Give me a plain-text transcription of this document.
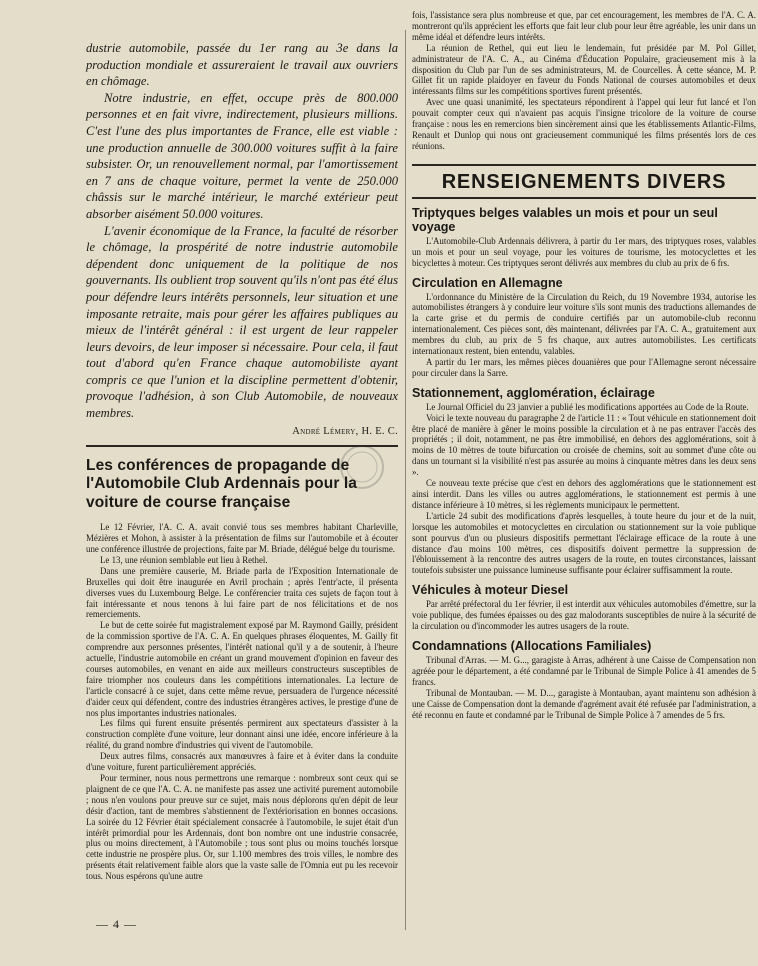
dustrie automobile, passée du 1er rang au 3e dans la production mondiale et assureraient le travail aux ouvriers en chômage.

Notre industrie, en effet, occupe près de 800.000 personnes et en fait vivre, indirectement, plusieurs millions. C'est l'une des plus importantes de France, elle est viable : une production annuelle de 300.000 voitures suffit à la faire subsister. Or, un renouvellement normal, par l'amortissement en 7 ans de chaque voiture, permet la vente de 250.000 châssis sur le marché intérieur, le marché extérieur peut absorber aisément 50.000 voitures.

L'avenir économique de la France, la faculté de résorber le chômage, la prospérité de notre industrie automobile dépendent donc uniquement de la politique de nos gouvernants. Ils oublient trop souvent qu'ils n'ont pas été élus pour défendre leurs intérêts personnels, leur situation et une imposante retraite, mais pour gérer les affaires publiques au mieux de l'intérêt général : il est urgent de leur rappeler leurs devoirs, de leur imposer si nécessaire. Pour cela, il faut tout d'abord qu'en France chaque automobiliste ayant compris ce que l'union et la discipline permettent d'obtenir, provoque l'adhésion, à son Club Automobile, de nouveaux membres.

André Lémery, H. E. C.
Les conférences de propagande de l'Automobile Club Ardennais pour la voiture de course française

Le 12 Février, l'A. C. A. avait convié tous ses membres habitant Charleville, Mézières et Mohon, à assister à la présentation de films sur l'automobile et à écouter une conférence illustrée de projections, faite par M. Briade, délégué belge du tourisme.

Le 13, une réunion semblable eut lieu à Rethel.

Dans une première causerie, M. Briade parla de l'Exposition Internationale de Bruxelles qui doit être inaugurée en Avril prochain ; après l'entr'acte, il présenta diverses vues du Luxembourg Belge. Le conférencier traita ces sujets de façon tout à fait intéressante et nous tenons à lui faire part de nos félicitations et de nos remerciements.

Le but de cette soirée fut magistralement exposé par M. Raymond Gailly, président de la commission sportive de l'A. C. A. En quelques phrases éloquentes, M. Gailly fit comprendre aux personnes présentes, l'intérêt national qu'il y a de soutenir, à l'heure actuelle, l'industrie automobile en créant un grand mouvement d'opinion en faveur des courses automobiles, en venant en aide aux meilleurs constructeurs susceptibles de faire triompher nos couleurs dans les compétitions internationales. La lecture de l'article consacré à ce sujet, dans cette même revue, persuadera de l'urgence nécessité d'aider ceux qui défendent, contre des industries étrangères actives, le prestige d'une de nos plus importantes industries nationales.

Les films qui furent ensuite présentés permirent aux spectateurs d'assister à la construction complète d'une voiture, leur donnant ainsi une idée, encore inférieure à la réalité, du grand nombre d'industries qui vivent de l'automobile.

Deux autres films, consacrés aux manœuvres à faire et à éviter dans la conduite d'une voiture, furent particulièrement appréciés.

Pour terminer, nous nous permettrons une remarque : nombreux sont ceux qui se plaignent de ce que l'A. C. A. ne manifeste pas assez une activité purement automobile ; nous n'en voulons pour preuve sur ce sujet, mais nous déplorons qu'en dépit de leur désir d'action, tant de membres s'abstiennent de l'extériorisation en bonnes occasions. La soirée du 12 Février était spécialement consacrée à l'automobile, le sujet était d'un intérêt primordial pour les Ardennais, dont bon nombre ont une industrie consacrée, plus ou moins directement, à l'Automobile ; tous sont plus ou moins touchés lorsque cette industrie ne prospère plus. Or, sur 1.100 membres des trois villes, le nombre des présents était relativement faible alors que la vaste salle de l'Omnia eut pu les recevoir tous. Nous espérons qu'une autre

fois, l'assistance sera plus nombreuse et que, par cet encouragement, les membres de l'A. C. A. montreront qu'ils apprécient les efforts que fait leur club pour leur être agréable, les unir dans un même idéal et défendre leurs intérêts.

La réunion de Rethel, qui eut lieu le lendemain, fut présidée par M. Pol Gillet, administrateur de l'A. C. A., au Cinéma d'Éducation Populaire, gracieusement mis à la disposition du Club par l'un de ses administrateurs, M. de Courcelles. À cette séance, M. P. Gillet fit un rapide plaidoyer en faveur du Fonds National de courses automobiles et deux intéressants films sur les compétitions sportives furent présentés.

Avec une quasi unanimité, les spectateurs répondirent à l'appel qui leur fut lancé et l'on pouvait compter ceux qui n'avaient pas acquis l'insigne tricolore de la voiture de course française : nous les en remercions bien sincèrement ainsi que les établissements Atlantic-Films, Renault et Dunlop qui nous ont gracieusement communiqué les films présentés lors de ces réunions.

RENSEIGNEMENTS DIVERS
Triptyques belges valables un mois et pour un seul voyage

L'Automobile-Club Ardennais délivrera, à partir du 1er mars, des triptyques roses, valables un mois et pour un seul voyage, pour les voitures de tourisme, les motocyclettes et les bicyclettes à moteur. Ces triptyques seront délivrés aux membres du club au prix de 6 frs.

Circulation en Allemagne

L'ordonnance du Ministère de la Circulation du Reich, du 19 Novembre 1934, autorise les automobilistes étrangers à y conduire leur voiture s'ils sont munis des traductions allemandes de la carte grise et du permis de conduire certifiés par un automobile-club reconnu internationalement. Ces pièces sont, dès maintenant, délivrées par l'A. C. A., gratuitement aux membres du club, au prix de 5 frs chaque, aux autres automobilistes. Les certificats internationaux restent, bien entendu, valables.

A partir du 1er mars, les mêmes pièces douanières que pour l'Allemagne seront nécessaire pour circuler dans la Sarre.

Stationnement, agglomération, éclairage

Le Journal Officiel du 23 janvier a publié les modifications apportées au Code de la Route.

Voici le texte nouveau du paragraphe 2 de l'article 11 : « Tout véhicule en stationnement doit être placé de manière à gêner le moins possible la circulation et à ne pas entraver l'accès des propriétés ; il doit, notamment, ne pas être immobilisé, en dehors des agglomérations, soit à moins de 10 mètres de toute bifurcation ou croisée de chemins, soit au sommet d'une côte ou dans un tournant si la visibilité n'est pas assurée au moins à cinquante mètres dans les deux sens ».

Ce nouveau texte précise que c'est en dehors des agglomérations que le stationnement est ainsi interdit. Dans les villes ou autres agglomérations, le stationnement est permis à une distance inférieure à 10 mètres, si les règlements municipaux le permettent.

L'article 24 subit des modifications d'après lesquelles, à toute heure du jour et de la nuit, lorsque les automobiles et motocyclettes en circulation ou stationnement sur la voie publique sont pourvus d'un ou plusieurs dispositifs permettant l'éclairage efficace de la route à une distance d'au moins 100 mètres, ces dispositifs doivent permettre la suppression de l'éblouissement à la rencontre des autres usagers de la route, en toutes circonstances, laissant toutefois subsister une puissance lumineuse suffisante pour éclairer suffisamment la route.

Véhicules à moteur Diesel

Par arrêté préfectoral du 1er février, il est interdit aux véhicules automobiles d'émettre, sur la voie publique, des fumées épaisses ou des gaz malodorants susceptibles de nuire à la sécurité de la circulation ou d'incommoder les autres usagers de la route.

Condamnations (Allocations Familiales)

Tribunal d'Arras. — M. G..., garagiste à Arras, adhérent à une Caisse de Compensation non agréée pour le département, a été condamné par le Tribunal de Simple Police à 41 amendes de 5 francs.

Tribunal de Montauban. — M. D..., garagiste à Montauban, ayant maintenu son adhésion à une Caisse de Compensation dont la demande d'agrément avait été refusée par l'administration, a été reconnu en faute et condamné par le Tribunal de Simple Police à 7 amendes de 5 frs.

— 4 —
